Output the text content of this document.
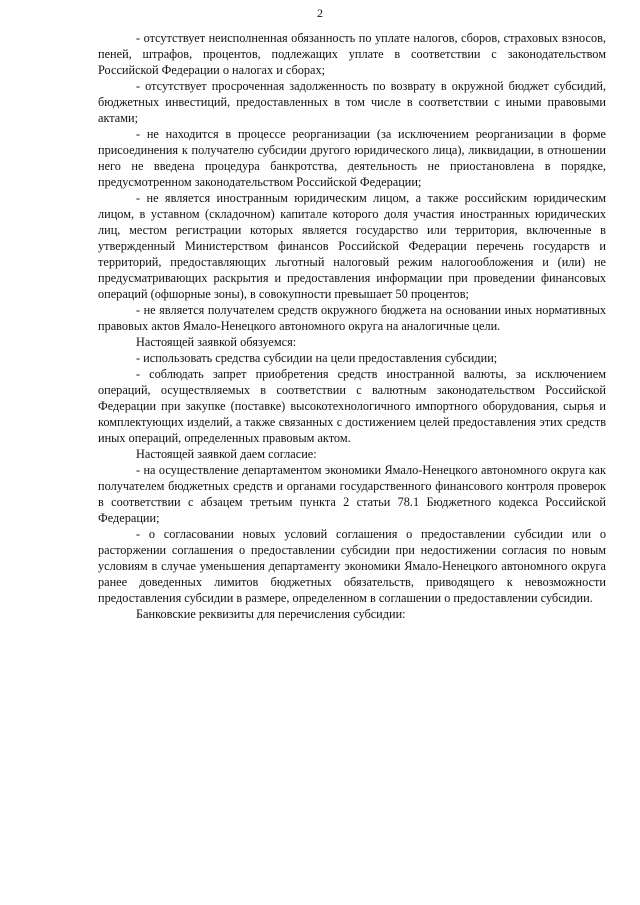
2

- отсутствует неисполненная обязанность по уплате налогов, сборов, страховых взносов, пеней, штрафов, процентов, подлежащих уплате в соответствии с законодательством Российской Федерации о налогах и сборах;

- отсутствует просроченная задолженность по возврату в окружной бюджет субсидий, бюджетных инвестиций, предоставленных в том числе в соответствии с иными правовыми актами;

- не находится в процессе реорганизации (за исключением реорганизации в форме присоединения к получателю субсидии другого юридического лица), ликвидации, в отношении него не введена процедура банкротства, деятельность не приостановлена в порядке, предусмотренном законодательством Российской Федерации;

- не является иностранным юридическим лицом, а также российским юридическим лицом, в уставном (складочном) капитале которого доля участия иностранных юридических лиц, местом регистрации которых является государство или территория, включенные в утвержденный Министерством финансов Российской Федерации перечень государств и территорий, предоставляющих льготный налоговый режим налогообложения и (или) не предусматривающих раскрытия и предоставления информации при проведении финансовых операций (офшорные зоны), в совокупности превышает 50 процентов;

- не является получателем средств окружного бюджета на основании иных нормативных правовых актов Ямало-Ненецкого автономного округа на аналогичные цели.

Настоящей заявкой обязуемся:

- использовать средства субсидии на цели предоставления субсидии;

- соблюдать запрет приобретения средств иностранной валюты, за исключением операций, осуществляемых в соответствии с валютным законодательством Российской Федерации при закупке (поставке) высокотехнологичного импортного оборудования, сырья и комплектующих изделий, а также связанных с достижением целей предоставления этих средств иных операций, определенных правовым актом.

Настоящей заявкой даем согласие:

- на осуществление департаментом экономики Ямало-Ненецкого автономного округа как получателем бюджетных средств и органами государственного финансового контроля проверок в соответствии с абзацем третьим пункта 2 статьи 78.1 Бюджетного кодекса Российской Федерации;

- о согласовании новых условий соглашения о предоставлении субсидии или о расторжении соглашения о предоставлении субсидии при недостижении согласия по новым условиям в случае уменьшения департаменту экономики Ямало-Ненецкого автономного округа ранее доведенных лимитов бюджетных обязательств, приводящего к невозможности предоставления субсидии в размере, определенном в соглашении о предоставлении субсидии.

Банковские реквизиты для перечисления субсидии:
